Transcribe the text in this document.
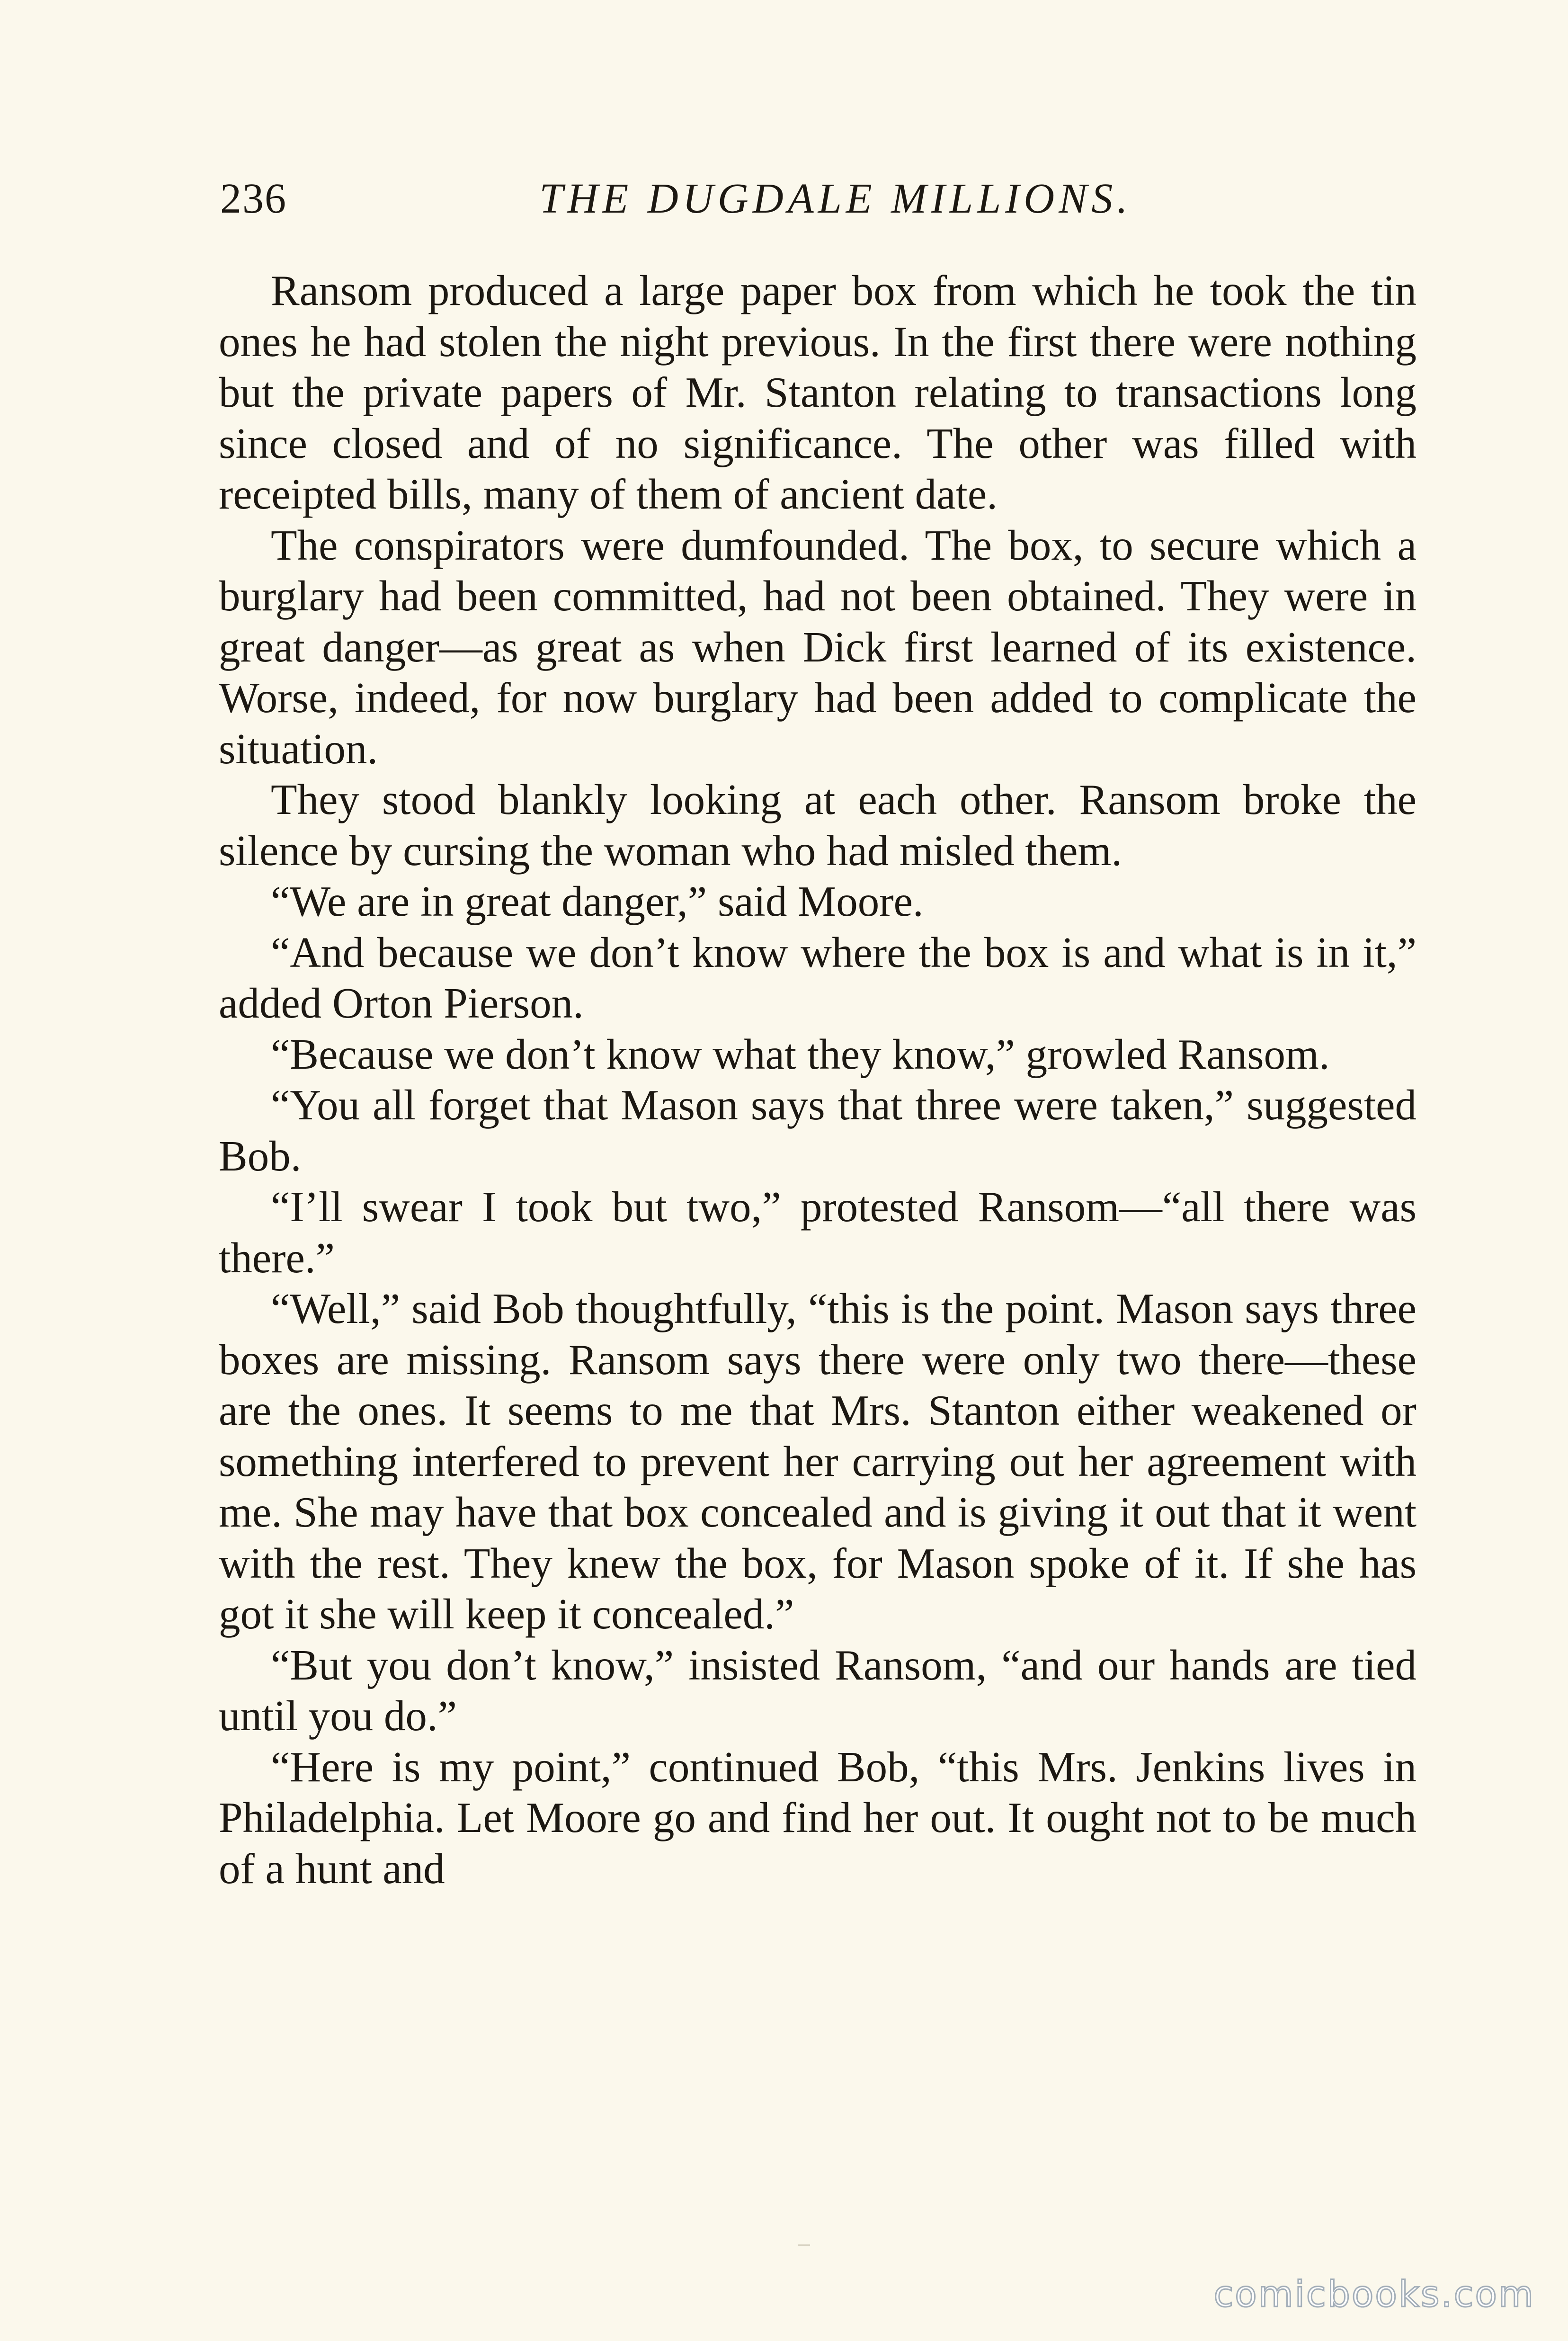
236	THE DUGDALE MILLIONS.

Ransom produced a large paper box from which he took the tin ones he had stolen the night previous. In the first there were nothing but the private papers of Mr. Stanton relating to transactions long since closed and of no significance. The other was filled with receipted bills, many of them of ancient date.

The conspirators were dumfounded. The box, to secure which a burglary had been committed, had not been obtained. They were in great danger—as great as when Dick first learned of its existence. Worse, indeed, for now burglary had been added to complicate the situation.

They stood blankly looking at each other. Ransom broke the silence by cursing the woman who had misled them.

“We are in great danger,” said Moore.

“And because we don’t know where the box is and what is in it,” added Orton Pierson.

“Because we don’t know what they know,” growled Ransom.

“You all forget that Mason says that three were taken,” suggested Bob.

“I’ll swear I took but two,” protested Ransom—“all there was there.”

“Well,” said Bob thoughtfully, “this is the point. Mason says three boxes are missing. Ransom says there were only two there—these are the ones. It seems to me that Mrs. Stanton either weakened or something interfered to prevent her carrying out her agreement with me. She may have that box concealed and is giving it out that it went with the rest. They knew the box, for Mason spoke of it. If she has got it she will keep it concealed.”

“But you don’t know,” insisted Ransom, “and our hands are tied until you do.”

“Here is my point,” continued Bob, “this Mrs. Jenkins lives in Philadelphia. Let Moore go and find her out. It ought not to be much of a hunt and

comicbooks.com
